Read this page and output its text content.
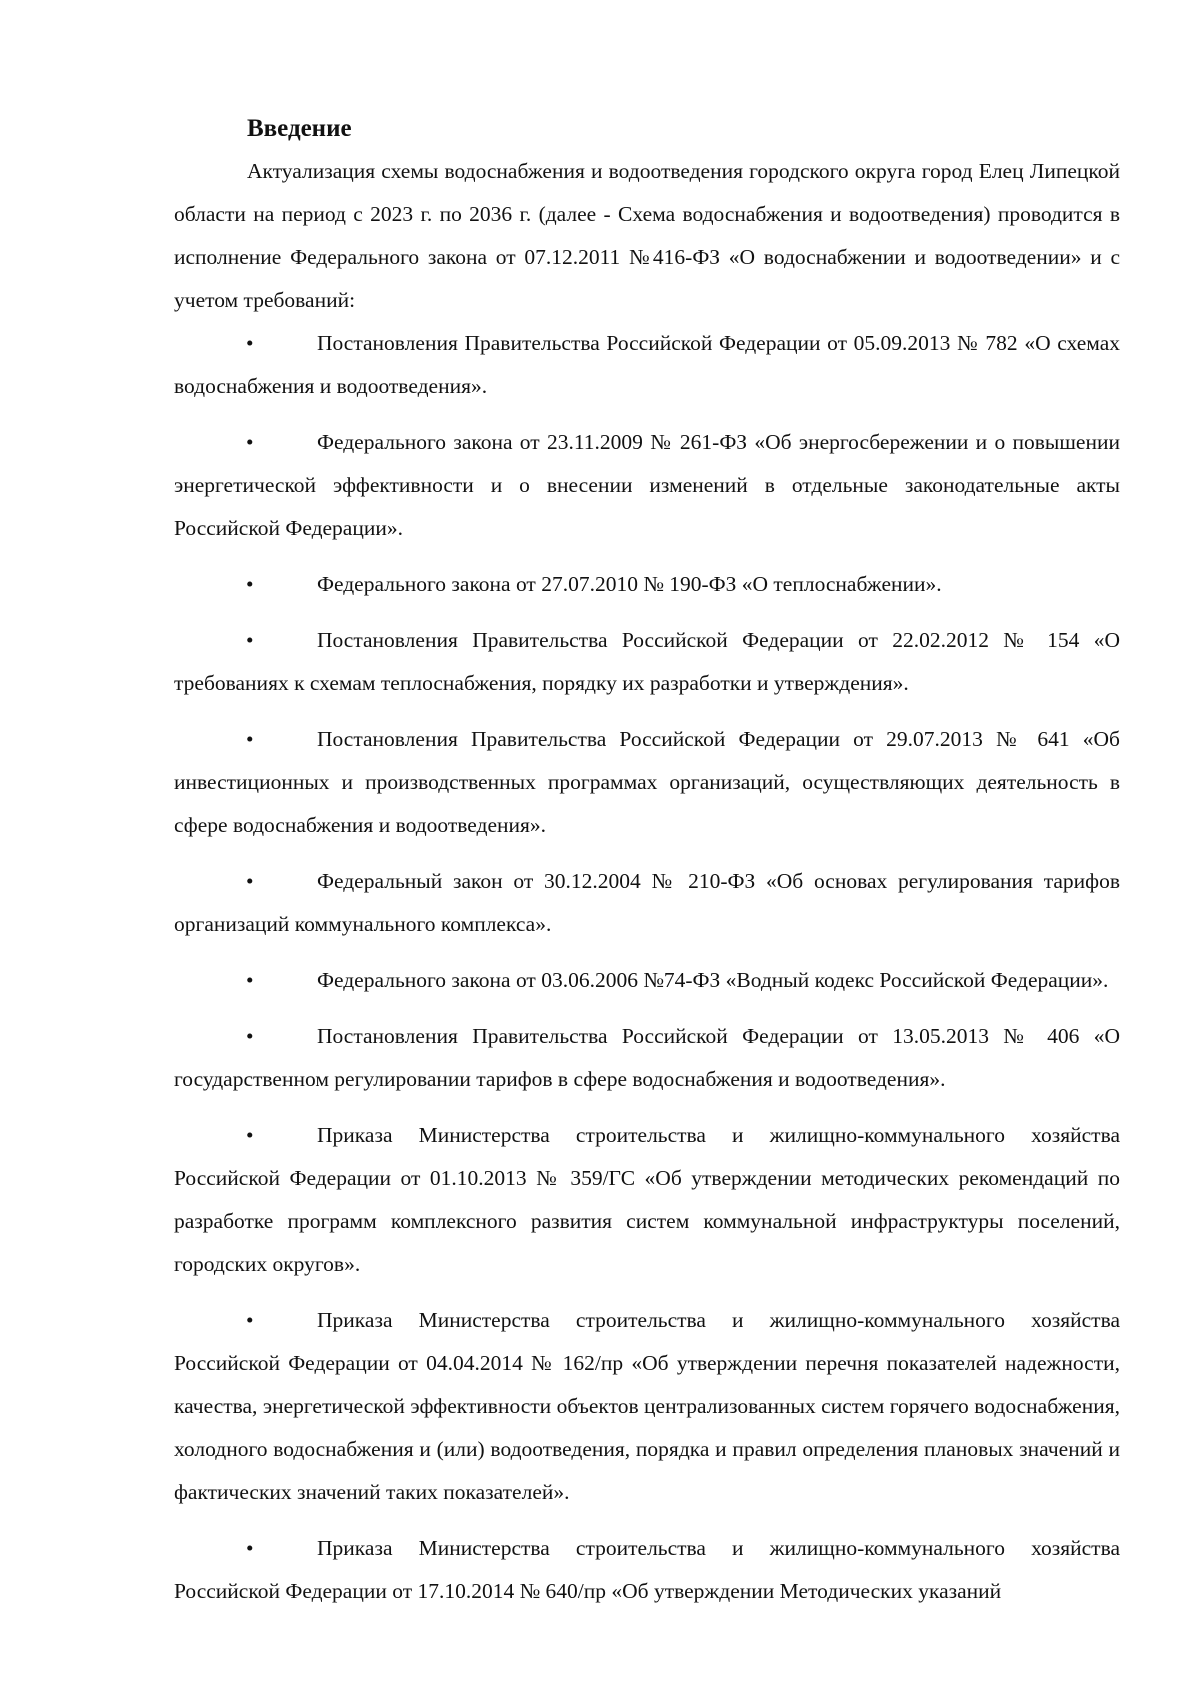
Введение

Актуализация схемы водоснабжения и водоотведения городского округа город Елец Липецкой области на период с 2023 г. по 2036 г. (далее - Схема водоснабжения и водоотведения) проводится в исполнение Федерального закона от 07.12.2011 №416-ФЗ «О водоснабжении и водоотведении» и с учетом требований:

•	Постановления Правительства Российской Федерации от 05.09.2013 № 782 «О схемах водоснабжения и водоотведения».
•	Федерального закона от 23.11.2009 № 261-ФЗ «Об энергосбережении и о повышении энергетической эффективности и о внесении изменений в отдельные законодательные акты Российской Федерации».
•	Федерального закона от 27.07.2010 № 190-ФЗ «О теплоснабжении».
•	Постановления Правительства Российской Федерации от 22.02.2012 № 154 «О требованиях к схемам теплоснабжения, порядку их разработки и утверждения».
•	Постановления Правительства Российской Федерации от 29.07.2013 № 641 «Об инвестиционных и производственных программах организаций, осуществляющих деятельность в сфере водоснабжения и водоотведения».
•	Федеральный закон от 30.12.2004 № 210-ФЗ «Об основах регулирования тарифов организаций коммунального комплекса».
•	Федерального закона от 03.06.2006 №74-ФЗ «Водный кодекс Российской Федерации».
•	Постановления Правительства Российской Федерации от 13.05.2013 № 406 «О государственном регулировании тарифов в сфере водоснабжения и водоотведения».
•	Приказа Министерства строительства и жилищно-коммунального хозяйства Российской Федерации от 01.10.2013 № 359/ГС «Об утверждении методических рекомендаций по разработке программ комплексного развития систем коммунальной инфраструктуры поселений, городских округов».
•	Приказа Министерства строительства и жилищно-коммунального хозяйства Российской Федерации от 04.04.2014 № 162/пр «Об утверждении перечня показателей надежности, качества, энергетической эффективности объектов централизованных систем горячего водоснабжения, холодного водоснабжения и (или) водоотведения, порядка и правил определения плановых значений и фактических значений таких показателей».
•	Приказа Министерства строительства и жилищно-коммунального хозяйства Российской Федерации от 17.10.2014 № 640/пр «Об утверждении Методических указаний
